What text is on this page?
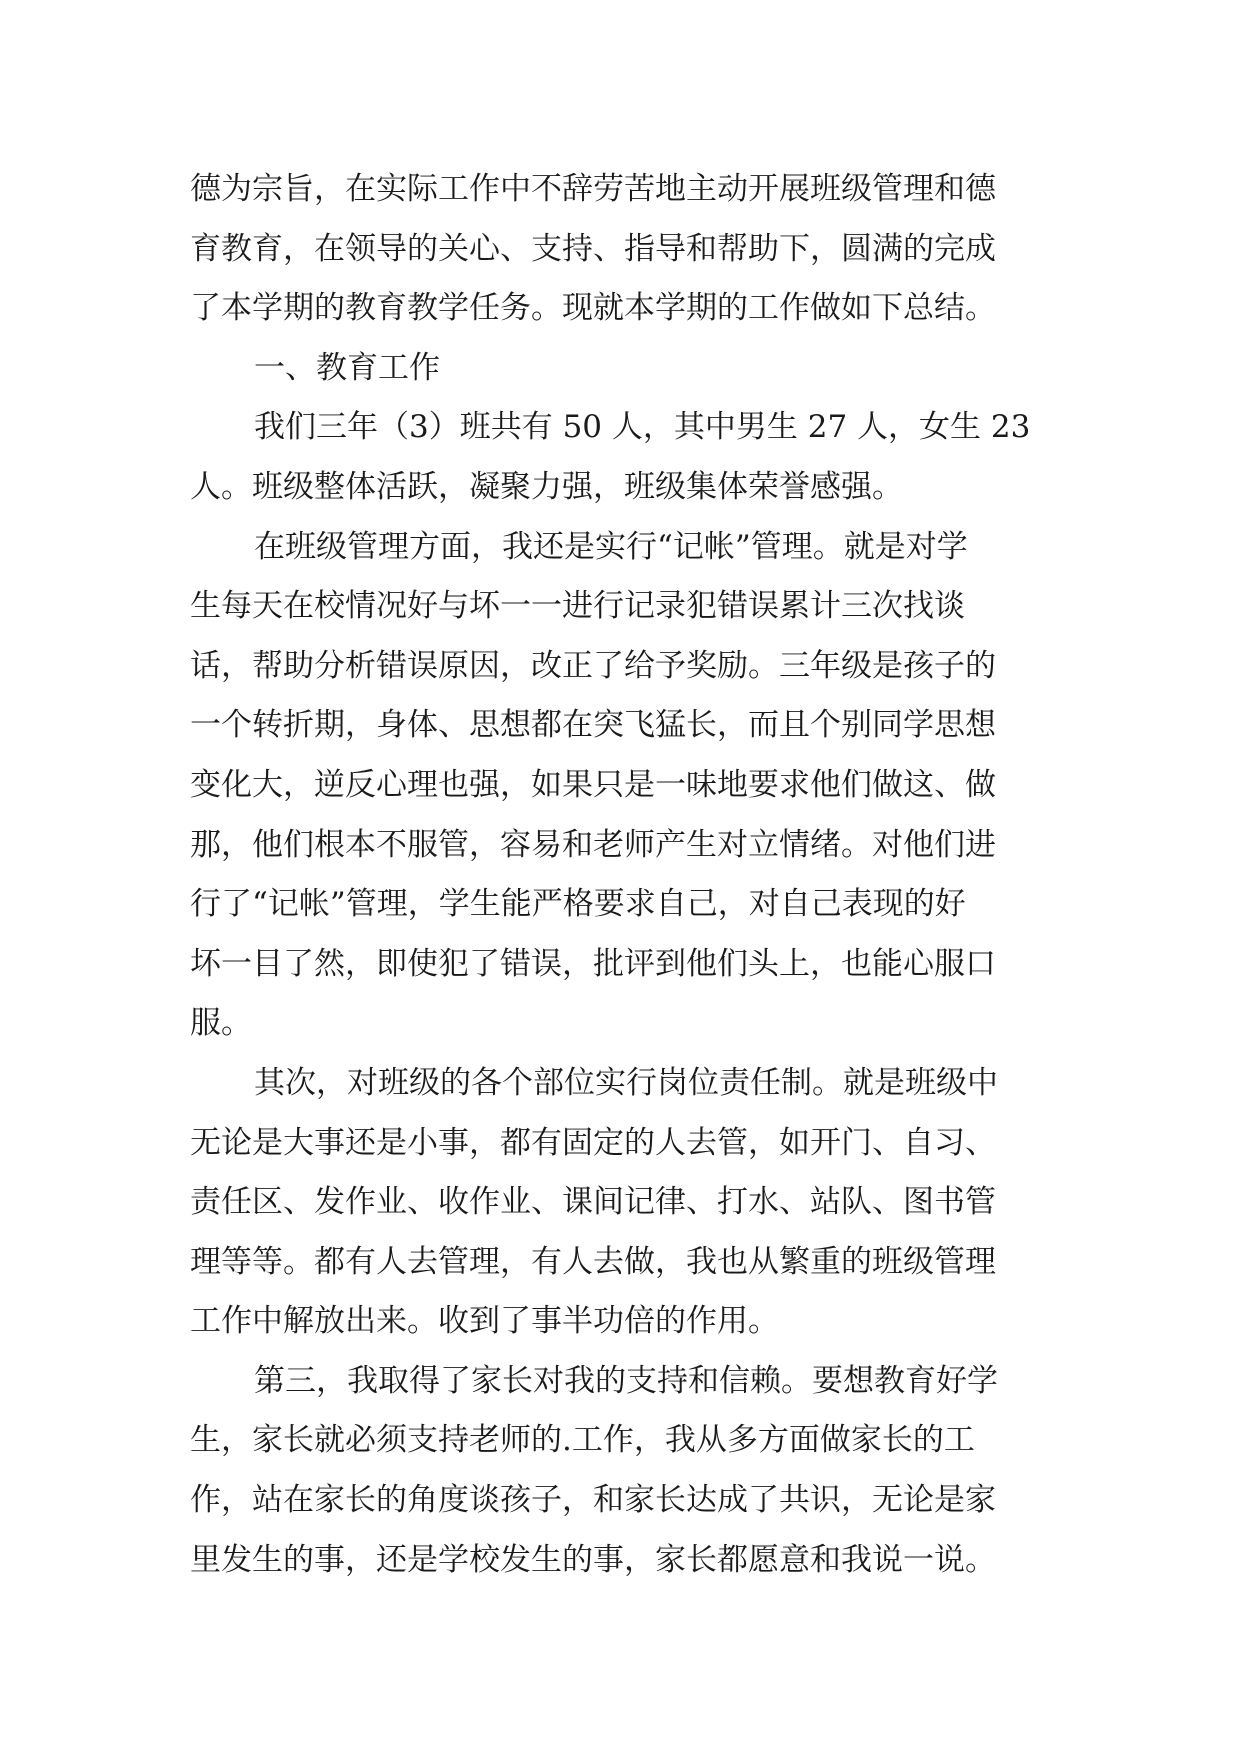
德为宗旨，在实际工作中不辞劳苦地主动开展班级管理和德
育教育，在领导的关心、支持、指导和帮助下，圆满的完成
了本学期的教育教学任务。现就本学期的工作做如下总结。
一、教育工作
我们三年（3）班共有 50 人，其中男生 27 人，女生 23
人。班级整体活跃，凝聚力强，班级集体荣誉感强。
在班级管理方面，我还是实行“记帐”管理。就是对学
生每天在校情况好与坏一一进行记录犯错误累计三次找谈
话，帮助分析错误原因，改正了给予奖励。三年级是孩子的
一个转折期，身体、思想都在突飞猛长，而且个别同学思想
变化大，逆反心理也强，如果只是一味地要求他们做这、做
那，他们根本不服管，容易和老师产生对立情绪。对他们进
行了“记帐”管理，学生能严格要求自己，对自己表现的好
坏一目了然，即使犯了错误，批评到他们头上，也能心服口
服。
其次，对班级的各个部位实行岗位责任制。就是班级中
无论是大事还是小事，都有固定的人去管，如开门、自习、
责任区、发作业、收作业、课间记律、打水、站队、图书管
理等等。都有人去管理，有人去做，我也从繁重的班级管理
工作中解放出来。收到了事半功倍的作用。
第三，我取得了家长对我的支持和信赖。要想教育好学
生，家长就必须支持老师的.工作，我从多方面做家长的工
作，站在家长的角度谈孩子，和家长达成了共识，无论是家
里发生的事，还是学校发生的事，家长都愿意和我说一说。
